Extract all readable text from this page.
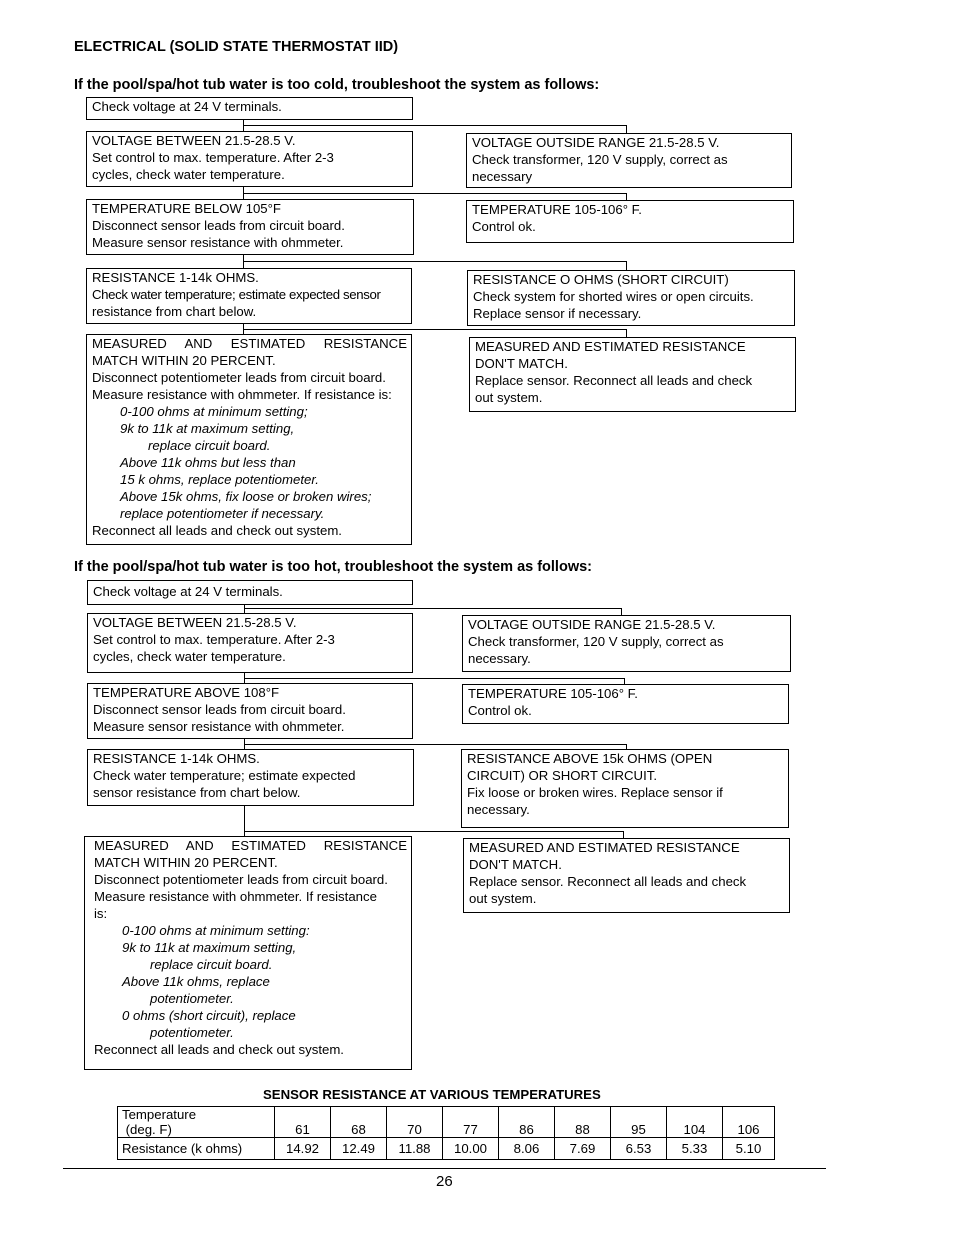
ELECTRICAL (SOLID STATE THERMOSTAT IID)
If the pool/spa/hot tub water is too cold, troubleshoot the system as follows:
Check voltage at 24 V terminals.
VOLTAGE BETWEEN 21.5-28.5 V.
Set control to max. temperature. After 2-3
cycles, check water temperature.
VOLTAGE OUTSIDE RANGE 21.5-28.5 V.
Check transformer, 120 V supply, correct as
necessary
TEMPERATURE BELOW 105°F
Disconnect sensor leads from circuit board.
Measure sensor resistance with ohmmeter.
TEMPERATURE 105-106° F.
Control ok.
RESISTANCE 1-14k OHMS.
Check water temperature; estimate expected sensor
resistance from chart below.
RESISTANCE O OHMS (SHORT CIRCUIT)
Check system for shorted wires or open circuits.
Replace sensor if necessary.
MEASURED AND ESTIMATED RESISTANCE
MATCH WITHIN 20 PERCENT.
Disconnect potentiometer leads from circuit board.
Measure resistance with ohmmeter. If resistance is:
0-100 ohms at minimum setting;
9k to 11k at maximum setting,
replace circuit board.
Above 11k ohms but less than
15 k ohms, replace potentiometer.
Above 15k ohms, fix loose or broken wires;
replace potentiometer if necessary.
Reconnect all leads and check out system.
MEASURED AND ESTIMATED RESISTANCE
DON'T MATCH.
Replace sensor. Reconnect all leads and check
out system.
If the pool/spa/hot tub water is too hot, troubleshoot the system as follows:
Check voltage at 24 V terminals.
VOLTAGE BETWEEN 21.5-28.5 V.
Set control to max. temperature. After 2-3
cycles, check water temperature.
VOLTAGE OUTSIDE RANGE 21.5-28.5 V.
Check transformer, 120 V supply, correct as
necessary.
TEMPERATURE ABOVE 108°F
Disconnect sensor leads from circuit board.
Measure sensor resistance with ohmmeter.
TEMPERATURE 105-106° F.
Control ok.
RESISTANCE 1-14k OHMS.
Check water temperature; estimate expected
sensor resistance from chart below.
RESISTANCE ABOVE 15k OHMS (OPEN
CIRCUIT) OR SHORT CIRCUIT.
Fix loose or broken wires. Replace sensor if
necessary.
MEASURED AND ESTIMATED RESISTANCE
MATCH WITHIN 20 PERCENT.
Disconnect potentiometer leads from circuit board.
Measure resistance with ohmmeter. If resistance
is:
0-100 ohms at minimum setting:
9k to 11k at maximum setting,
replace circuit board.
Above 11k ohms, replace
potentiometer.
0 ohms (short circuit), replace
potentiometer.
Reconnect all leads and check out system.
MEASURED AND ESTIMATED RESISTANCE
DON'T MATCH.
Replace sensor. Reconnect all leads and check
out system.
SENSOR RESISTANCE AT VARIOUS TEMPERATURES
Temperature
(deg. F)	61	68	70	77	86	88	95	104	106
Resistance (k ohms)	14.92	12.49	11.88	10.00	8.06	7.69	6.53	5.33	5.10
26
